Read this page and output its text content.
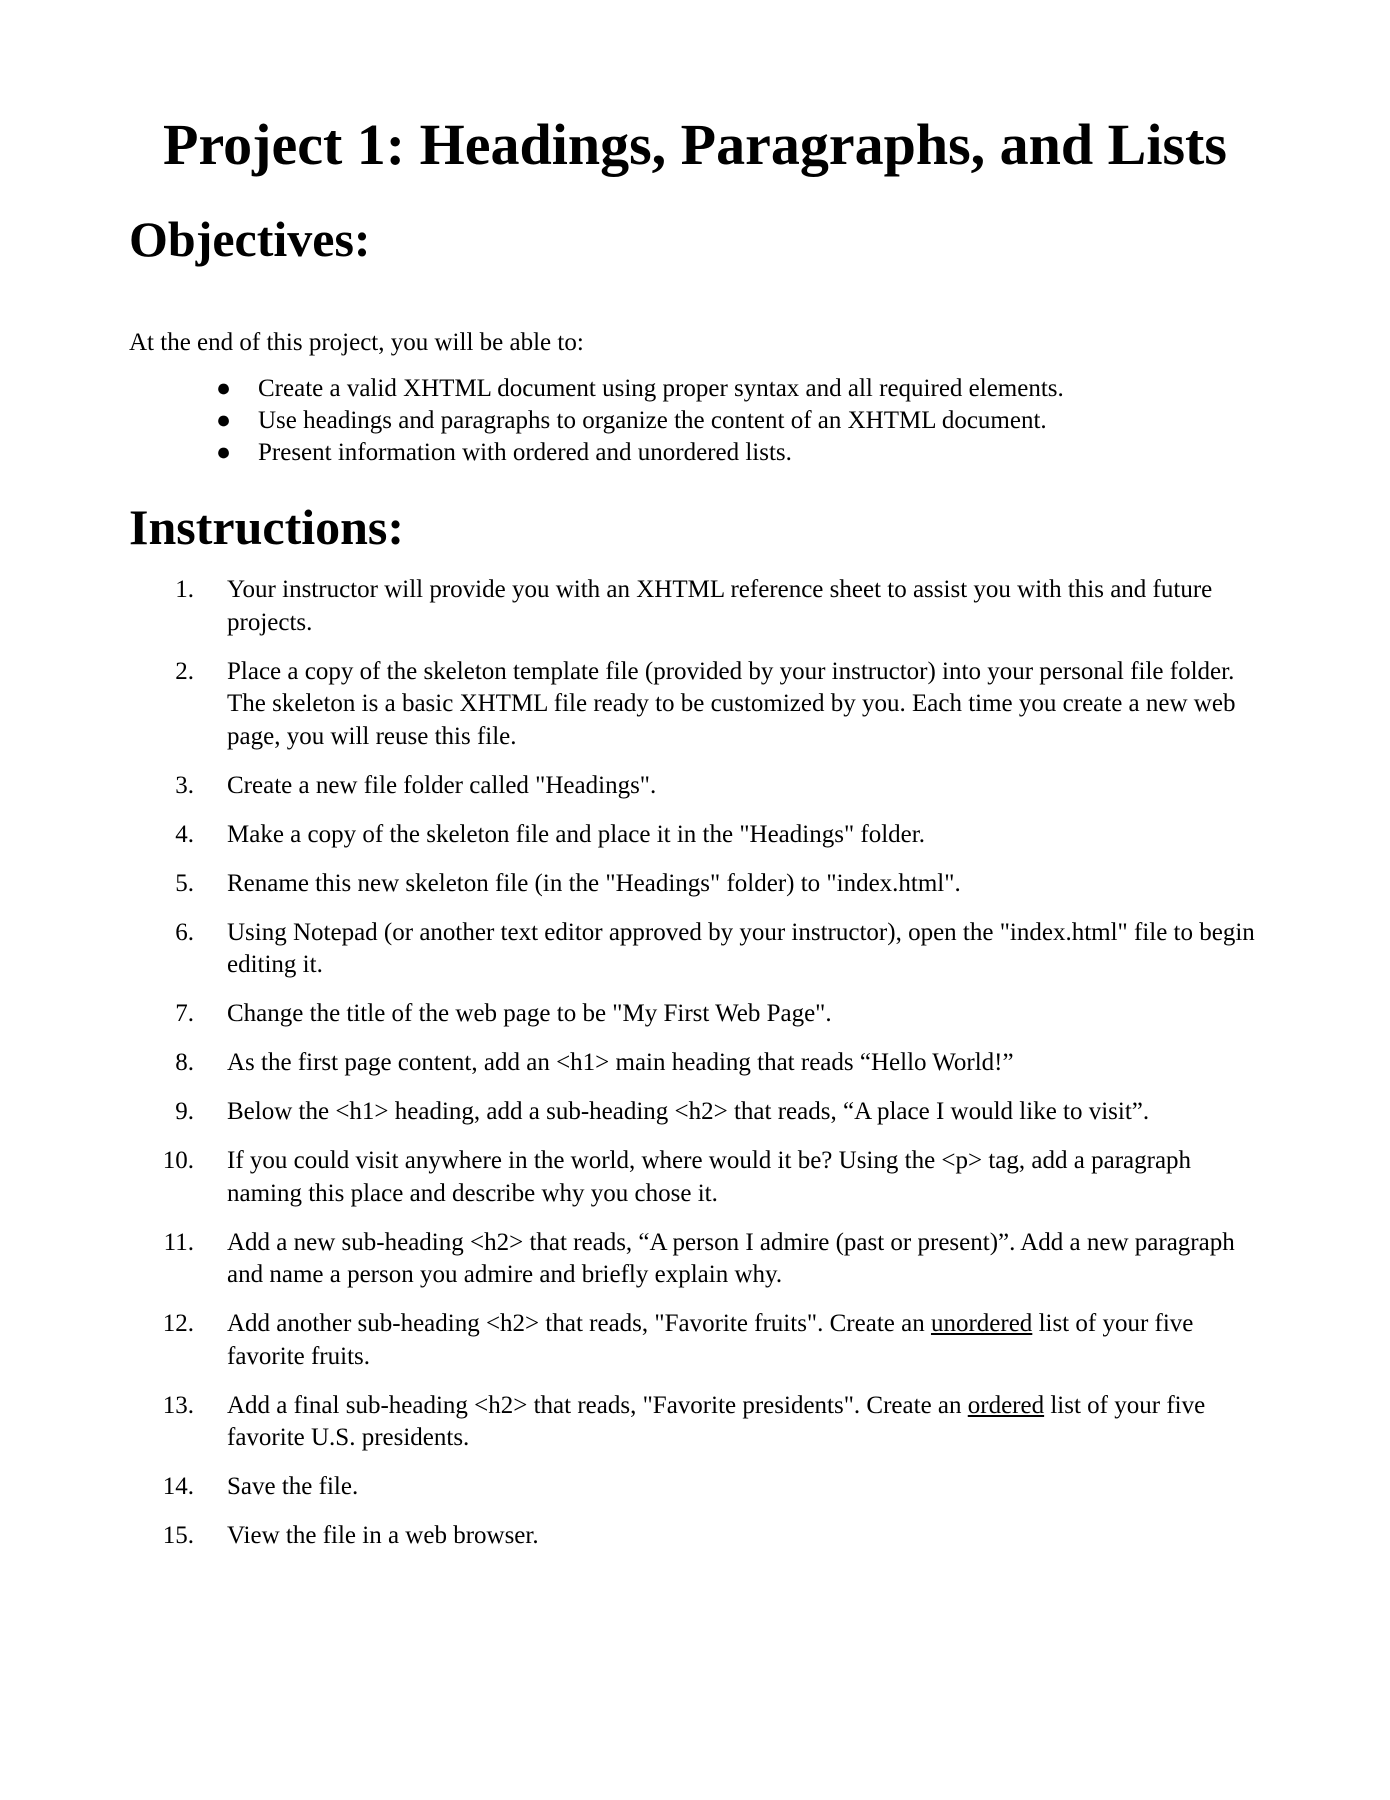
Project 1: Headings, Paragraphs, and Lists
Objectives:

At the end of this project, you will be able to:

● Create a valid XHTML document using proper syntax and all required elements.
● Use headings and paragraphs to organize the content of an XHTML document.
● Present information with ordered and unordered lists.
Instructions:
1. Your instructor will provide you with an XHTML reference sheet to assist you with this and future projects.
2. Place a copy of the skeleton template file (provided by your instructor) into your personal file folder. The skeleton is a basic XHTML file ready to be customized by you. Each time you create a new web page, you will reuse this file.
3. Create a new file folder called "Headings".
4. Make a copy of the skeleton file and place it in the "Headings" folder.
5. Rename this new skeleton file (in the "Headings" folder) to "index.html".
6. Using Notepad (or another text editor approved by your instructor), open the "index.html" file to begin editing it.
7. Change the title of the web page to be "My First Web Page".
8. As the first page content, add an <h1> main heading that reads “Hello World!”
9. Below the <h1> heading, add a sub-heading <h2> that reads, “A place I would like to visit”.
10. If you could visit anywhere in the world, where would it be? Using the <p> tag, add a paragraph naming this place and describe why you chose it.
11. Add a new sub-heading <h2> that reads, “A person I admire (past or present)”. Add a new paragraph and name a person you admire and briefly explain why.
12. Add another sub-heading <h2> that reads, "Favorite fruits". Create an unordered list of your five favorite fruits.
13. Add a final sub-heading <h2> that reads, "Favorite presidents". Create an ordered list of your five favorite U.S. presidents.
14. Save the file.
15. View the file in a web browser.
